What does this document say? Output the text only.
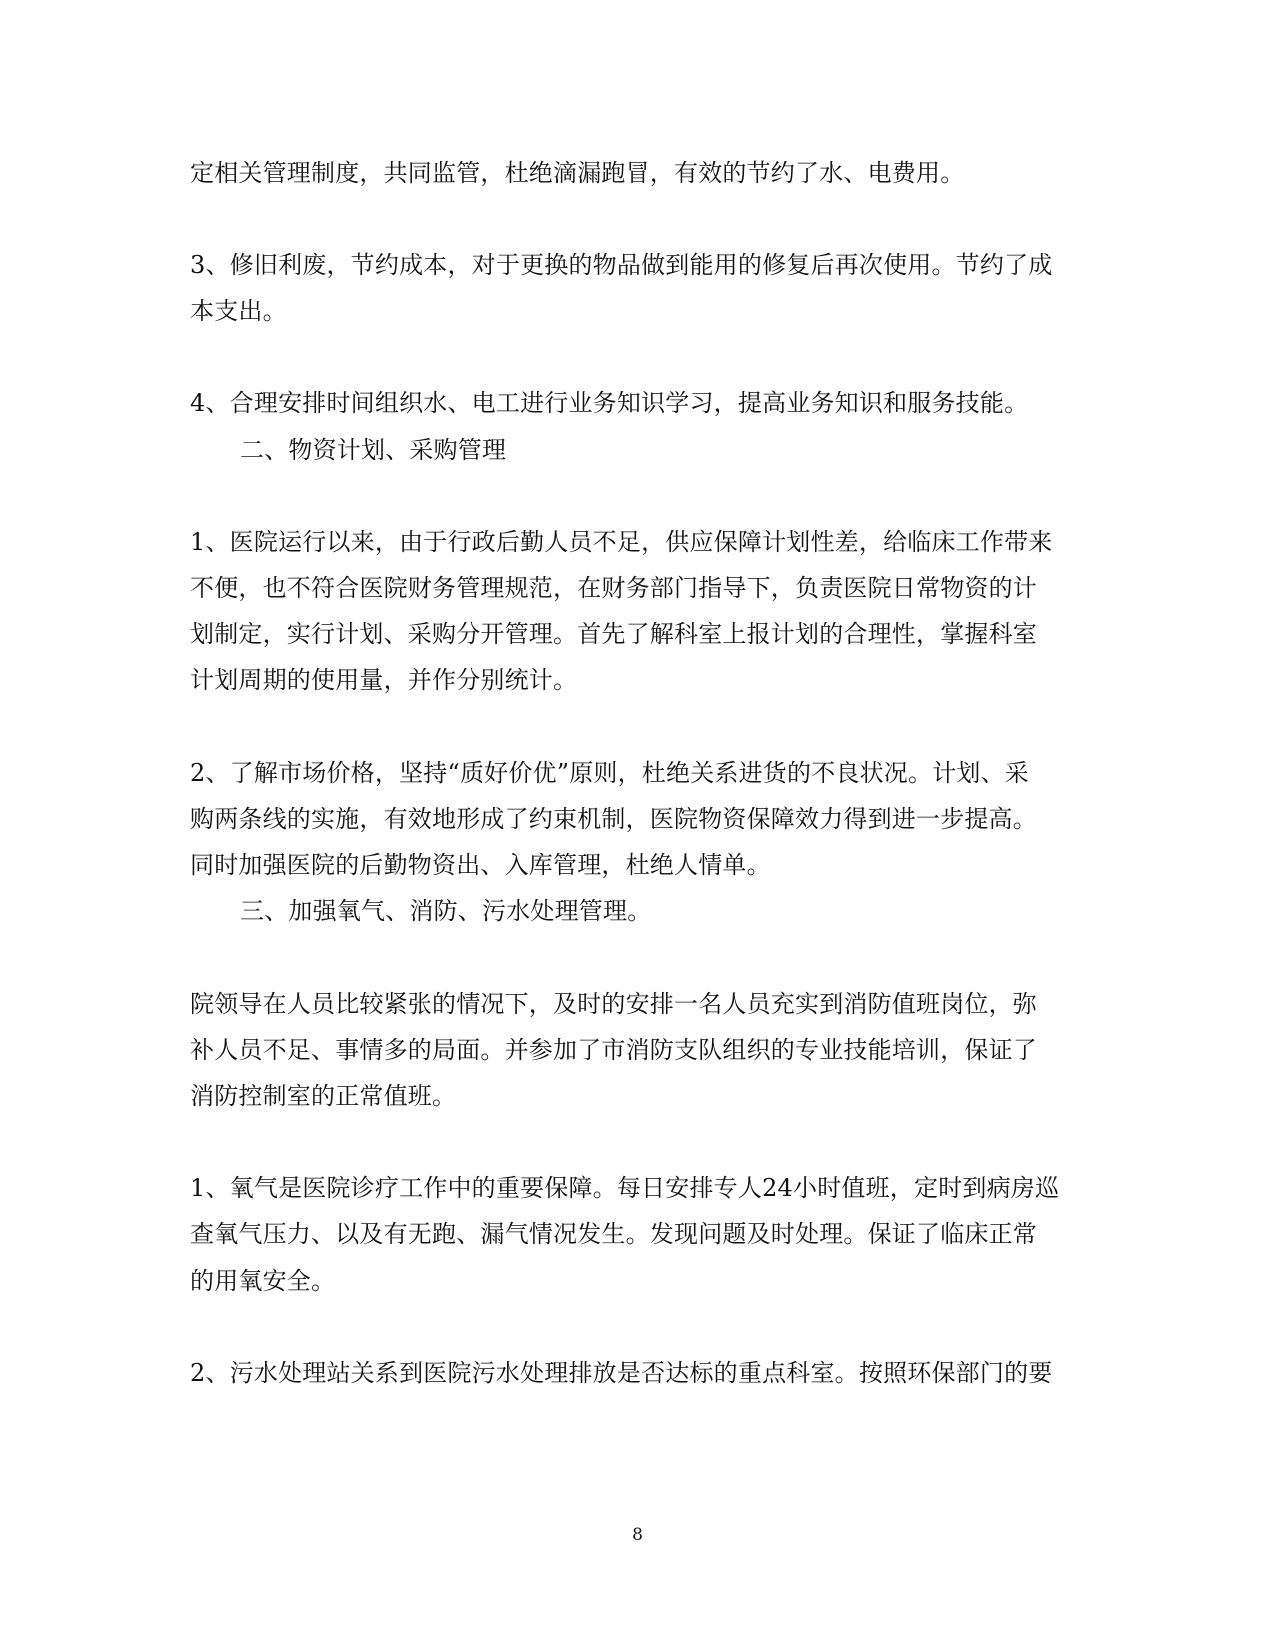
定相关管理制度，共同监管，杜绝滴漏跑冒，有效的节约了水、电费用。
3、修旧利废，节约成本，对于更换的物品做到能用的修复后再次使用。节约了成
本支出。
4、合理安排时间组织水、电工进行业务知识学习，提高业务知识和服务技能。
二、物资计划、采购管理
1、医院运行以来，由于行政后勤人员不足，供应保障计划性差，给临床工作带来
不便，也不符合医院财务管理规范，在财务部门指导下，负责医院日常物资的计
划制定，实行计划、采购分开管理。首先了解科室上报计划的合理性，掌握科室
计划周期的使用量，并作分别统计。
2、了解市场价格，坚持“质好价优”原则，杜绝关系进货的不良状况。计划、采
购两条线的实施，有效地形成了约束机制，医院物资保障效力得到进一步提高。
同时加强医院的后勤物资出、入库管理，杜绝人情单。
三、加强氧气、消防、污水处理管理。
院领导在人员比较紧张的情况下，及时的安排一名人员充实到消防值班岗位，弥
补人员不足、事情多的局面。并参加了市消防支队组织的专业技能培训，保证了
消防控制室的正常值班。
1、氧气是医院诊疗工作中的重要保障。每日安排专人24小时值班，定时到病房巡
查氧气压力、以及有无跑、漏气情况发生。发现问题及时处理。保证了临床正常
的用氧安全。
2、污水处理站关系到医院污水处理排放是否达标的重点科室。按照环保部门的要
8
